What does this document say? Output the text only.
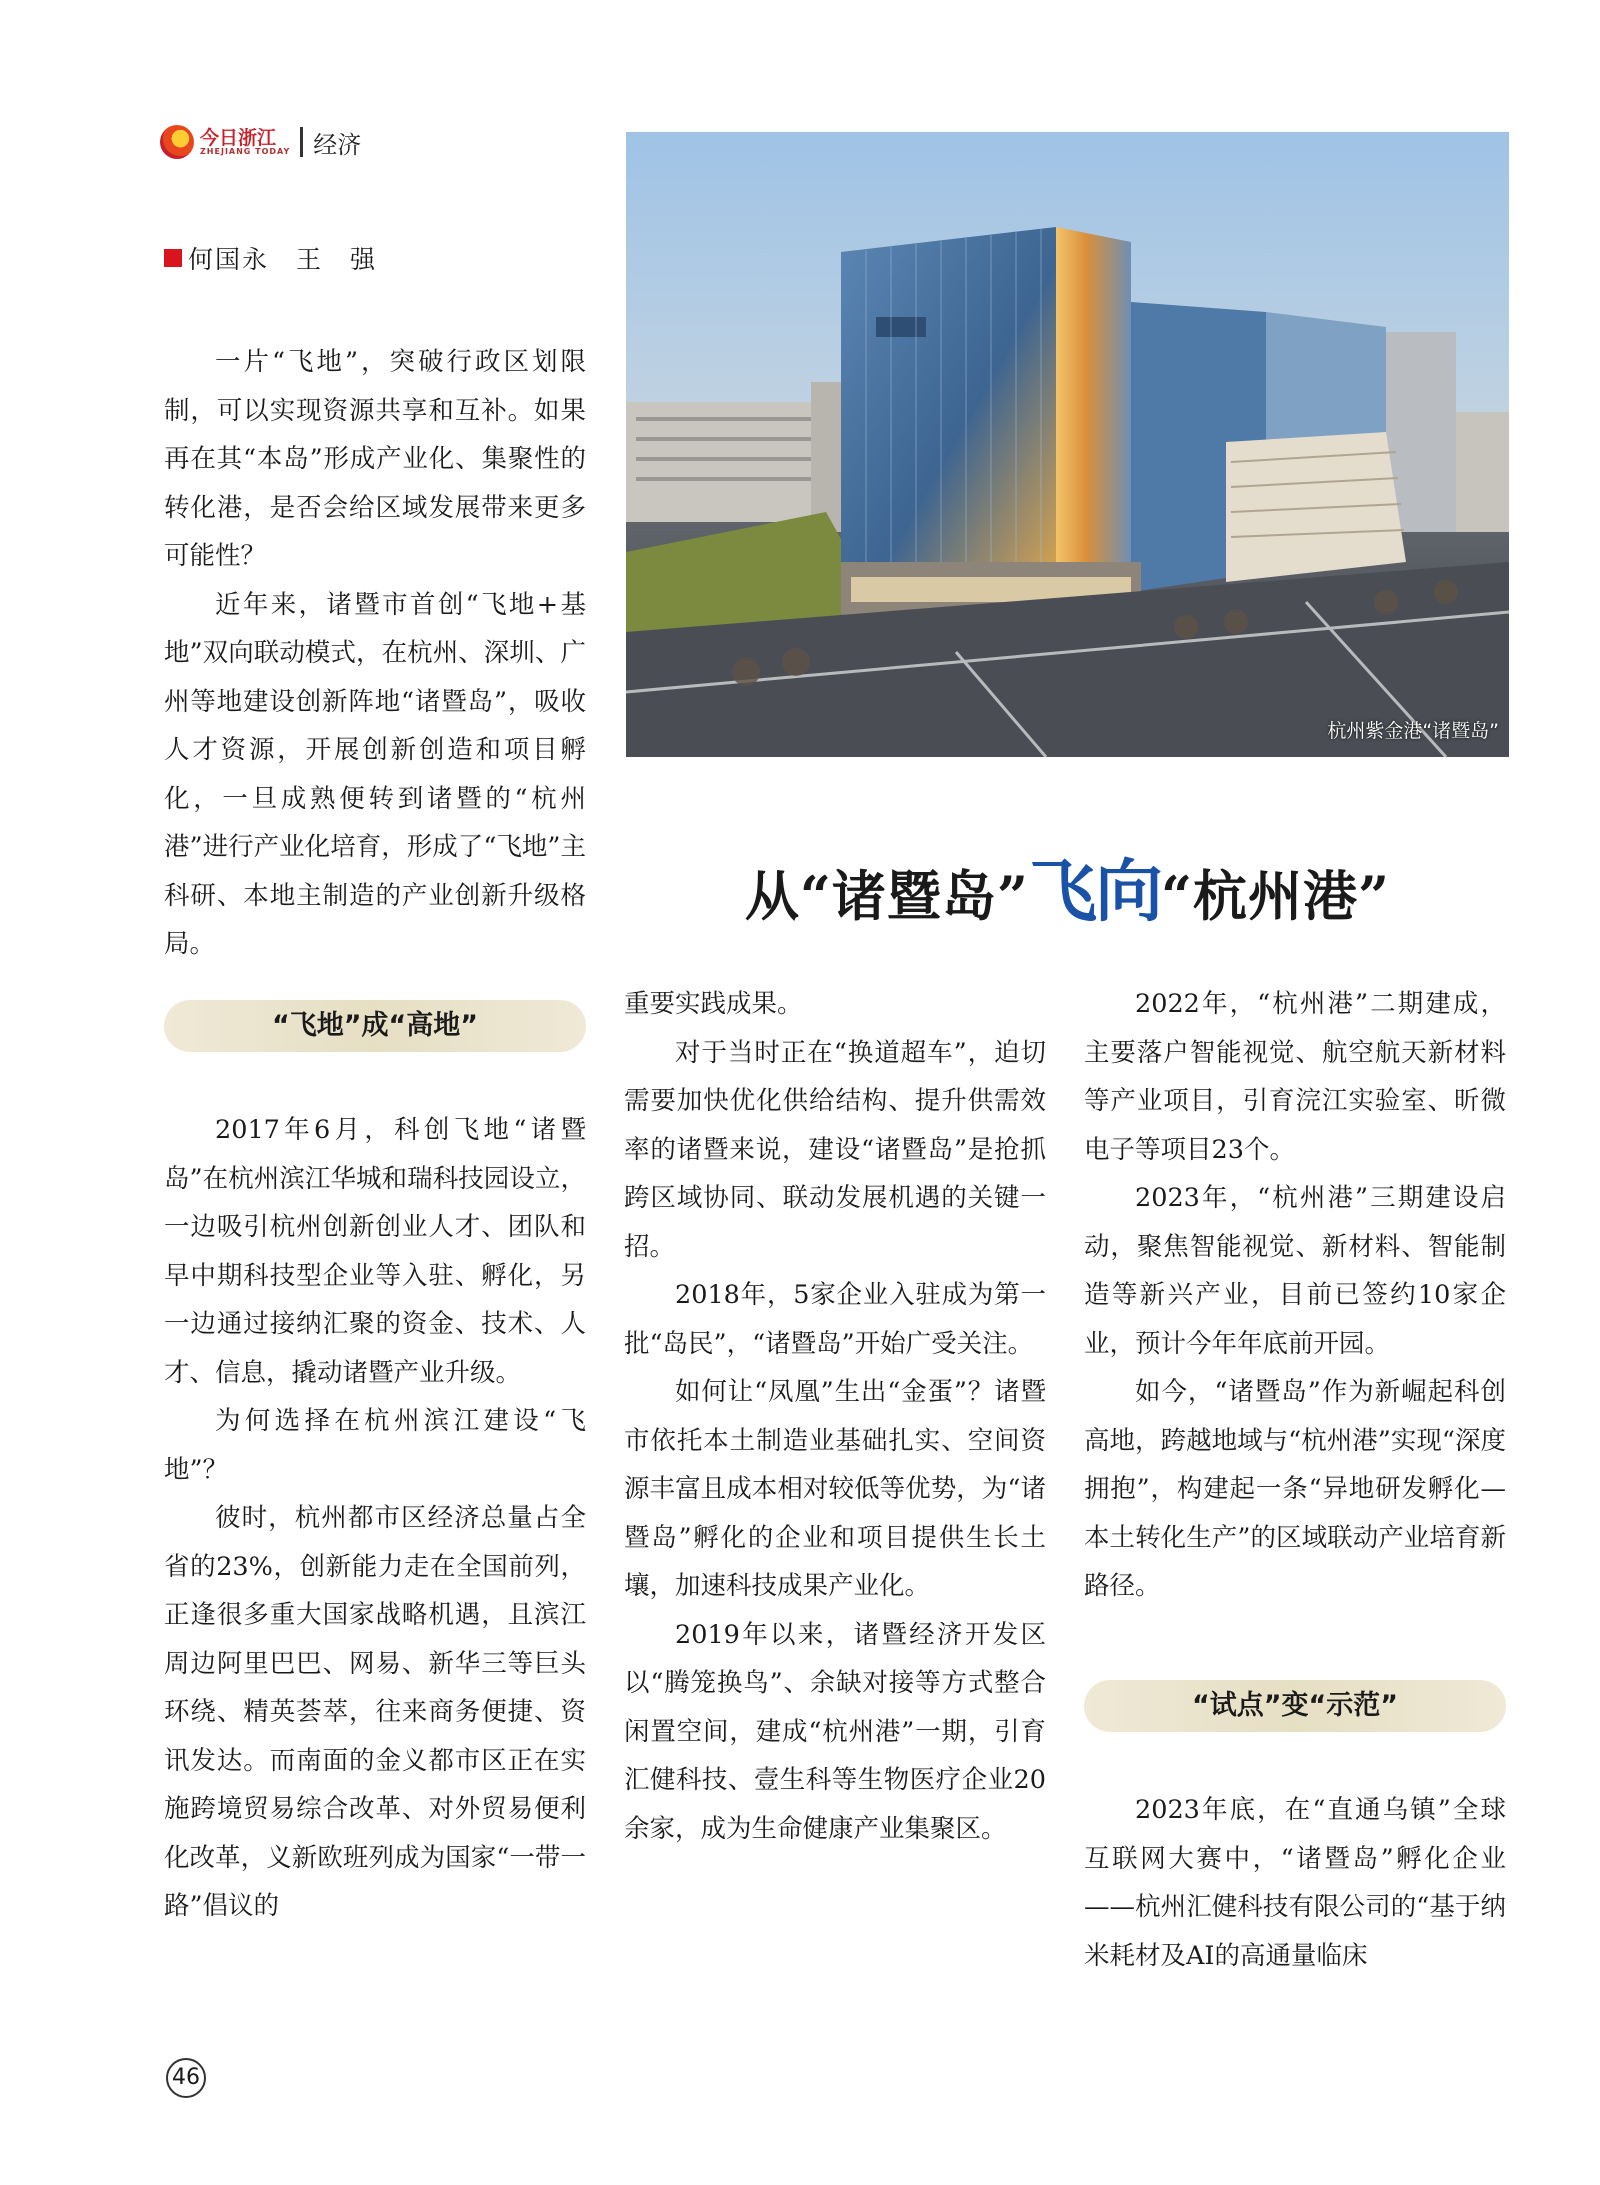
今日浙江
ZHEJIANG TODAY 经济
何国永　王　强
杭州紫金港“诸暨岛”
从“诸暨岛”飞向“杭州港”

一片“飞地”，突破行政区划限制，可以实现资源共享和互补。如果再在其“本岛”形成产业化、集聚性的转化港，是否会给区域发展带来更多可能性？

近年来，诸暨市首创“飞地+基地”双向联动模式，在杭州、深圳、广州等地建设创新阵地“诸暨岛”，吸收人才资源，开展创新创造和项目孵化，一旦成熟便转到诸暨的“杭州港”进行产业化培育，形成了“飞地”主科研、本地主制造的产业创新升级格局。

“飞地”成“高地”

2017年6月，科创飞地“诸暨岛”在杭州滨江华城和瑞科技园设立，一边吸引杭州创新创业人才、团队和早中期科技型企业等入驻、孵化，另一边通过接纳汇聚的资金、技术、人才、信息，撬动诸暨产业升级。

为何选择在杭州滨江建设“飞地”？

彼时，杭州都市区经济总量占全省的23%，创新能力走在全国前列，正逢很多重大国家战略机遇，且滨江周边阿里巴巴、网易、新华三等巨头环绕、精英荟萃，往来商务便捷、资讯发达。而南面的金义都市区正在实施跨境贸易综合改革、对外贸易便利化改革，义新欧班列成为国家“一带一路”倡议的

重要实践成果。

对于当时正在“换道超车”，迫切需要加快优化供给结构、提升供需效率的诸暨来说，建设“诸暨岛”是抢抓跨区域协同、联动发展机遇的关键一招。

2018年，5家企业入驻成为第一批“岛民”，“诸暨岛”开始广受关注。

如何让“凤凰”生出“金蛋”？诸暨市依托本土制造业基础扎实、空间资源丰富且成本相对较低等优势，为“诸暨岛”孵化的企业和项目提供生长土壤，加速科技成果产业化。

2019年以来，诸暨经济开发区以“腾笼换鸟”、余缺对接等方式整合闲置空间，建成“杭州港”一期，引育汇健科技、壹生科等生物医疗企业20余家，成为生命健康产业集聚区。

2022年，“杭州港”二期建成，主要落户智能视觉、航空航天新材料等产业项目，引育浣江实验室、昕微电子等项目23个。

2023年，“杭州港”三期建设启动，聚焦智能视觉、新材料、智能制造等新兴产业，目前已签约10家企业，预计今年年底前开园。

如今，“诸暨岛”作为新崛起科创高地，跨越地域与“杭州港”实现“深度拥抱”，构建起一条“异地研发孵化—本土转化生产”的区域联动产业培育新路径。

“试点”变“示范”

2023年底，在“直通乌镇”全球互联网大赛中，“诸暨岛”孵化企业——杭州汇健科技有限公司的“基于纳米耗材及AI的高通量临床

46
